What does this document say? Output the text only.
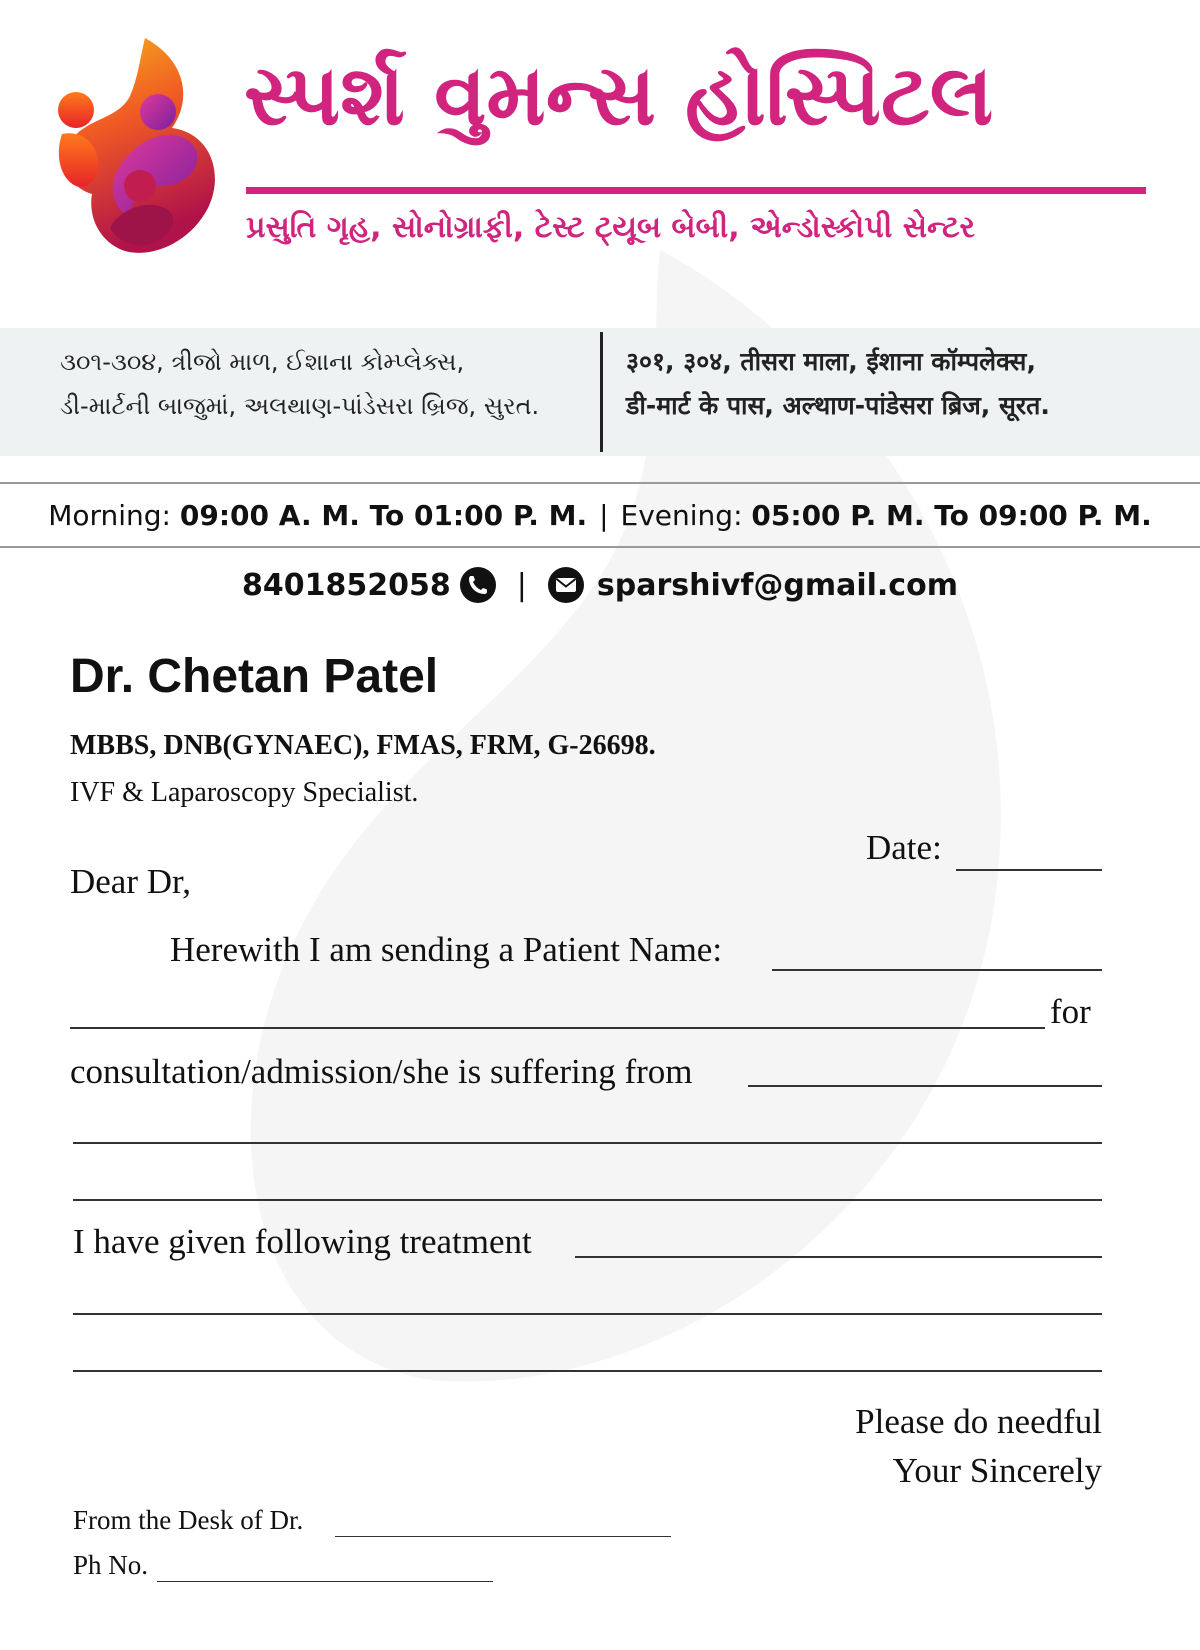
સ્પર્શ વુમન્સ હોસ્પિટલ
પ્રસુતિ ગૃહ, સોનોગ્રાફી, ટેસ્ટ ટ્યૂબ બેબી, એન્ડોસ્કોપી સેન્ટર
૩૦૧-૩૦૪, ત્રીજો માળ, ઈશાના કોમ્પ્લેક્સ,
ડી-માર્ટની બાજુમાં, અલથાણ-પાંડેસરા બ્રિજ, સુરત.
३०१, ३०४, तीसरा माला, ईशाना कॉम्पलेक्स,
डी-मार्ट के पास, अल्थाण-पांडेसरा ब्रिज, सूरत.
Morning:
09:00 A. M. To 01:00 P. M. | Evening:
05:00 P. M. To 09:00 P. M.
8401852058 | sparshivf@gmail.com
Dr. Chetan Patel
MBBS, DNB(GYNAEC), FMAS, FRM, G-26698.
IVF & Laparoscopy Specialist.
Date:
Dear Dr,
Herewith I am sending a Patient Name:
for
consultation/admission/she is suffering from
I have given following treatment
Please do needful
Your Sincerely
From the Desk of Dr.
Ph No.
